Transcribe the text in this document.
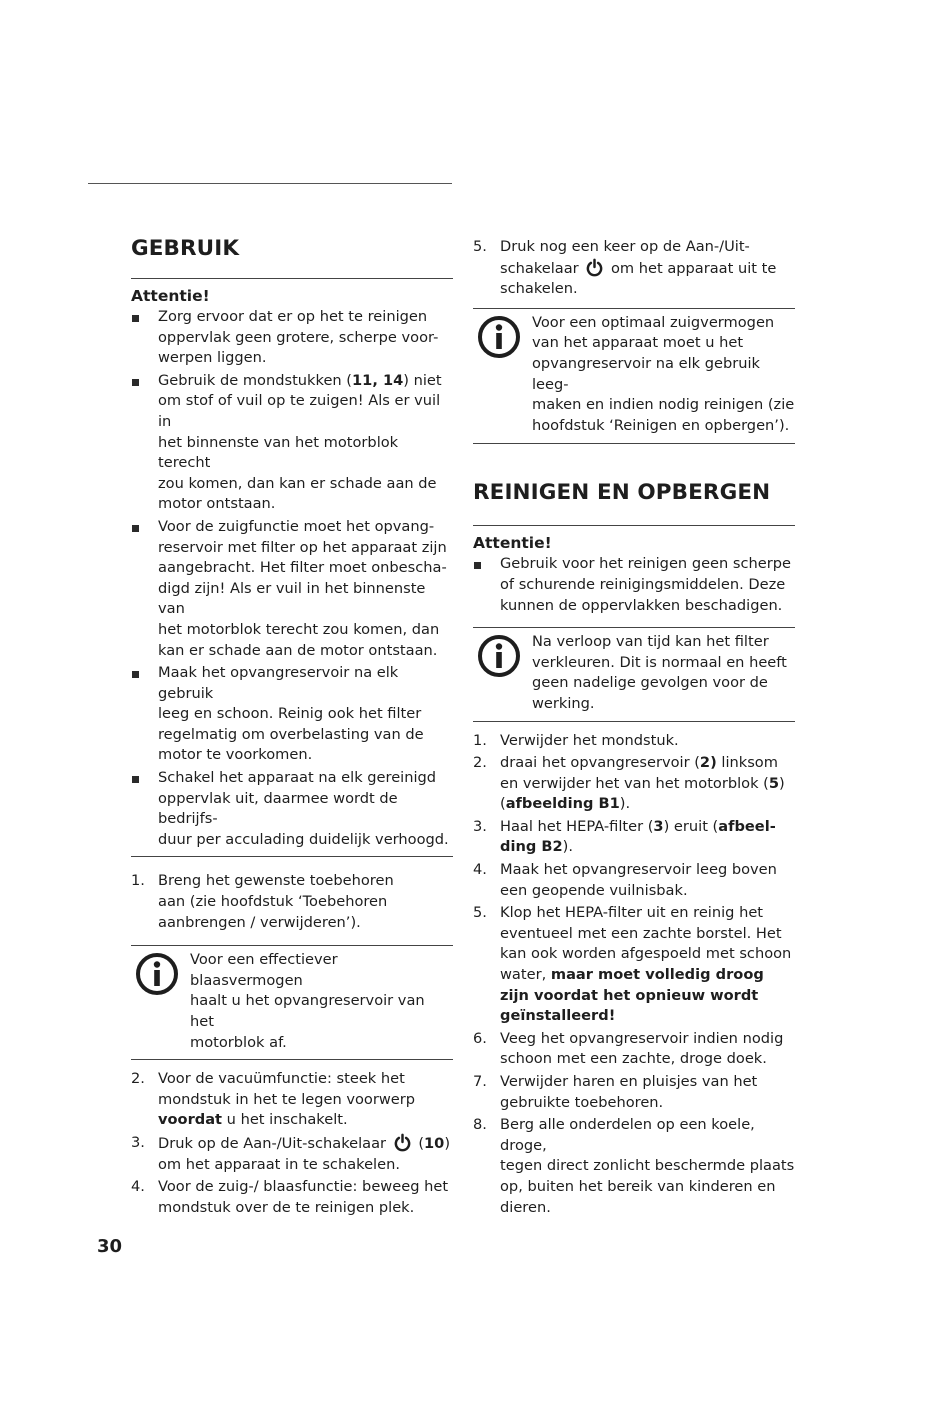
GEBRUIK
Attentie!
Zorg ervoor dat er op het te reinigen
oppervlak geen grotere, scherpe voor-
werpen liggen.
Gebruik de mondstukken (11, 14) niet
om stof of vuil op te zuigen! Als er vuil in
het binnenste van het motorblok terecht
zou komen, dan kan er schade aan de
motor ontstaan.
Voor de zuigfunctie moet het opvang-
reservoir met filter op het apparaat zijn
aangebracht. Het filter moet onbescha-
digd zijn! Als er vuil in het binnenste van
het motorblok terecht zou komen, dan
kan er schade aan de motor ontstaan.
Maak het opvangreservoir na elk gebruik
leeg en schoon. Reinig ook het filter
regelmatig om overbelasting van de
motor te voorkomen.
Schakel het apparaat na elk gereinigd
oppervlak uit, daarmee wordt de bedrijfs-
duur per acculading duidelijk verhoogd.
1. Breng het gewenste toebehoren
aan (zie hoofdstuk ‘Toebehoren
aanbrengen / verwijderen’).
Voor een effectiever blaasvermogen
haalt u het opvangreservoir van het
motorblok af.
2. Voor de vacuümfunctie: steek het
mondstuk in het te legen voorwerp
voordat u het inschakelt.
3. Druk op de Aan-/Uit-schakelaar  (10)
om het apparaat in te schakelen.
4. Voor de zuig-/ blaasfunctie: beweeg het
mondstuk over de te reinigen plek.
5. Druk nog een keer op de Aan-/Uit-
schakelaar  om het apparaat uit te
schakelen.
Voor een optimaal zuigvermogen
van het apparaat moet u het
opvangreservoir na elk gebruik leeg-
maken en indien nodig reinigen (zie
hoofdstuk ‘Reinigen en opbergen’).
REINIGEN EN OPBERGEN
Attentie!
Gebruik voor het reinigen geen scherpe
of schurende reinigingsmiddelen. Deze
kunnen de oppervlakken beschadigen.
Na verloop van tijd kan het filter
verkleuren. Dit is normaal en heeft
geen nadelige gevolgen voor de
werking.
1. Verwijder het mondstuk.
2. draai het opvangreservoir (2) linksom
en verwijder het van het motorblok (5)
(afbeelding B1).
3. Haal het HEPA-filter (3) eruit (afbeel-
ding B2).
4. Maak het opvangreservoir leeg boven
een geopende vuilnisbak.
5. Klop het HEPA-filter uit en reinig het
eventueel met een zachte borstel. Het
kan ook worden afgespoeld met schoon
water, maar moet volledig droog
zijn voordat het opnieuw wordt
geïnstalleerd!
6. Veeg het opvangreservoir indien nodig
schoon met een zachte, droge doek.
7. Verwijder haren en pluisjes van het
gebruikte toebehoren.
8. Berg alle onderdelen op een koele, droge,
tegen direct zonlicht beschermde plaats
op, buiten het bereik van kinderen en
dieren.
30
